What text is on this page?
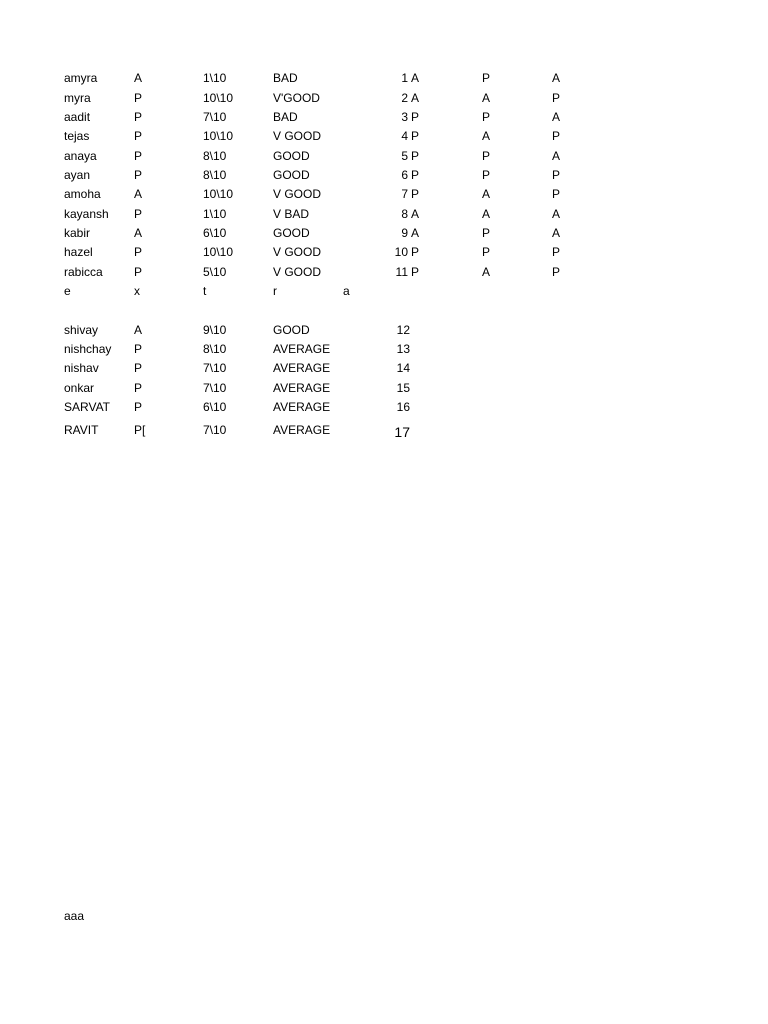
amyra	A	1\10	BAD	1 A	P	A
myra	P	10\10	V'GOOD	2 A	A	P
aadit	P	7\10	BAD	3 P	P	A
tejas	P	10\10	V GOOD	4 P	A	P
anaya	P	8\10	GOOD	5 P	P	A
ayan	P	8\10	GOOD	6 P	P	P
amoha	A	10\10	V GOOD	7 P	A	P
kayansh P	1\10	V BAD	8 A	A	A
kabir	A	6\10	GOOD	9 A	P	A
hazel	P	10\10	V GOOD	10 P	P	P
rabicca	P	5\10	V GOOD	11 P	A	P
e	x	t	r	a
shivay	A	9\10	GOOD	12
nishchay P	8\10	AVERAGE	13
nishav	P	7\10	AVERAGE	14
onkar	P	7\10	AVERAGE	15
SARVAT P	6\10	AVERAGE	16
RAVIT	P[	7\10	AVERAGE	17
aaa
